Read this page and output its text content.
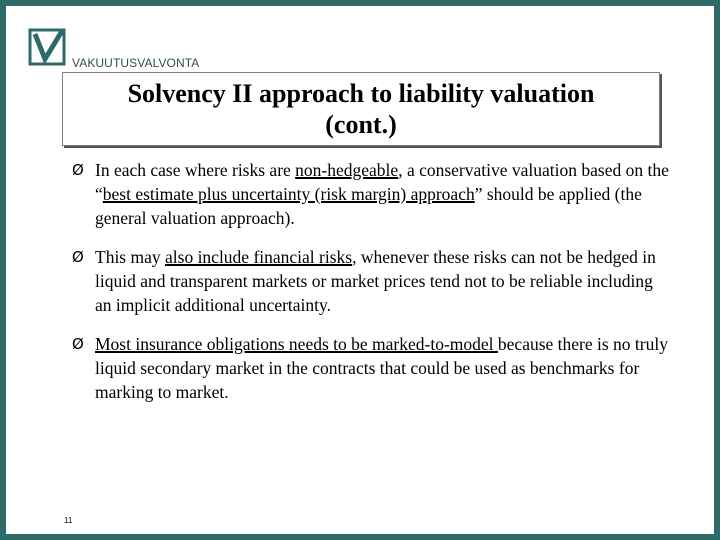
VAKUUTUSVALVONTA
Solvency II approach to liability valuation
(cont.)
Ø In each case where risks are non-hedgeable, a conservative valuation based on the “best estimate plus uncertainty (risk margin) approach” should be applied (the general valuation approach).
Ø This may also include financial risks, whenever these risks can not be hedged in liquid and transparent markets or market prices tend not to be reliable including an implicit additional uncertainty.
Ø Most insurance obligations needs to be marked-to-model because there is no truly liquid secondary market in the contracts that could be used as benchmarks for marking to market.
11
